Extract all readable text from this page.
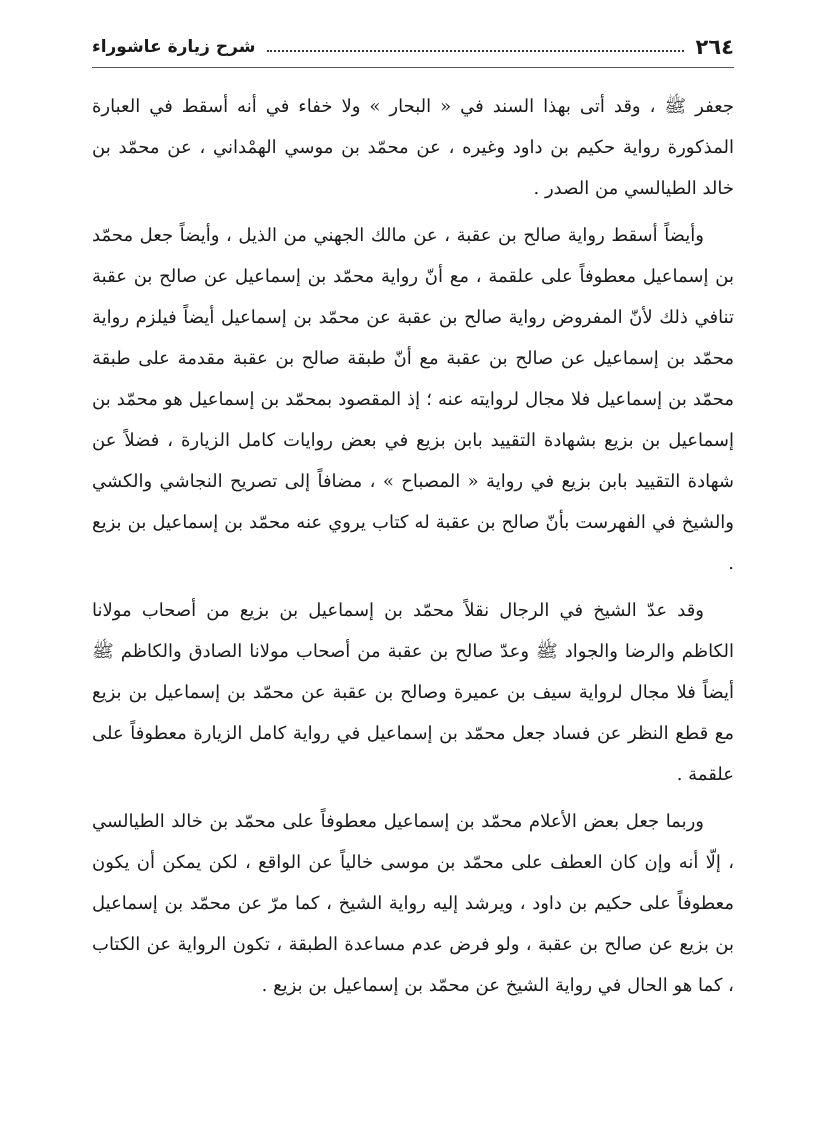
٢٦٤
شرح زيارة عاشوراء

جعفر ﷺ ، وقد أتى بهذا السند في « البحار » ولا خفاء في أنه أسقط في العبارة المذكورة رواية حكيم بن داود وغيره ، عن محمّد بن موسي الهمْداني ، عن محمّد بن خالد الطيالسي من الصدر .

وأيضاً أسقط رواية صالح بن عقبة ، عن مالك الجهني من الذيل ، وأيضاً جعل محمّد بن إسماعيل معطوفاً على علقمة ، مع أنّ رواية محمّد بن إسماعيل عن صالح بن عقبة تنافي ذلك لأنّ المفروض رواية صالح بن عقبة عن محمّد بن إسماعيل أيضاً فيلزم رواية محمّد بن إسماعيل عن صالح بن عقبة مع أنّ طبقة صالح بن عقبة مقدمة على طبقة محمّد بن إسماعيل فلا مجال لروايته عنه ؛ إذ المقصود بمحمّد بن إسماعيل هو محمّد بن إسماعيل بن بزيع بشهادة التقييد بابن بزيع في بعض روايات كامل الزيارة ، فضلاً عن شهادة التقييد بابن بزيع في رواية « المصباح » ، مضافاً إلى تصريح النجاشي والكشي والشيخ في الفهرست بأنّ صالح بن عقبة له كتاب يروي عنه محمّد بن إسماعيل بن بزيع .

وقد عدّ الشيخ في الرجال نقلاً محمّد بن إسماعيل بن بزيع من أصحاب مولانا الكاظم والرضا والجواد ﷺ وعدّ صالح بن عقبة من أصحاب مولانا الصادق والكاظم ﷺ أيضاً فلا مجال لرواية سيف بن عميرة وصالح بن عقبة عن محمّد بن إسماعيل بن بزيع مع قطع النظر عن فساد جعل محمّد بن إسماعيل في رواية كامل الزيارة معطوفاً على علقمة .

وربما جعل بعض الأعلام محمّد بن إسماعيل معطوفاً على محمّد بن خالد الطيالسي ، إلّا أنه وإن كان العطف على محمّد بن موسى خالياً عن الواقع ، لكن يمكن أن يكون معطوفاً على حكيم بن داود ، ويرشد إليه رواية الشيخ ، كما مرّ عن محمّد بن إسماعيل بن بزيع عن صالح بن عقبة ، ولو فرض عدم مساعدة الطبقة ، تكون الرواية عن الكتاب ، كما هو الحال في رواية الشيخ عن محمّد بن إسماعيل بن بزيع .
